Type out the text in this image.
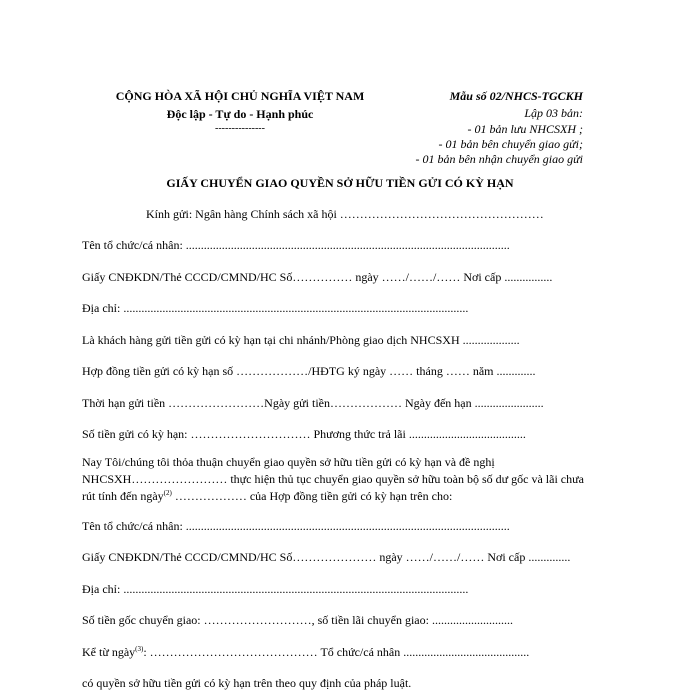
CỘNG HÒA XÃ HỘI CHỦ NGHĨA VIỆT NAM
Độc lập - Tự do - Hạnh phúc
---------------
Mẫu số 02/NHCS-TGCKH
Lập 03 bản:
- 01 bản lưu NHCSXH ;
- 01 bản bên chuyển giao gửi;
- 01 bản bên nhận chuyển giao gửi
GIẤY CHUYỂN GIAO QUYỀN SỞ HỮU TIỀN GỬI CÓ KỲ HẠN
Kính gửi: Ngân hàng Chính sách xã hội ……………………………………………
Tên tổ chức/cá nhân: ............................................................................................................
Giấy CNĐKDN/Thẻ CCCD/CMND/HC Số…………… ngày ……/……/…… Nơi cấp ................
Địa chỉ: ...................................................................................................................
Là khách hàng gửi tiền gửi có kỳ hạn tại chi nhánh/Phòng giao dịch NHCSXH ...................
Hợp đồng tiền gửi có kỳ hạn số ………………/HĐTG ký ngày …… tháng …… năm .............
Thời hạn gửi tiền ……………………Ngày gửi tiền……………… Ngày đến hạn .......................
Số tiền gửi có kỳ hạn: ………………………… Phương thức trả lãi .......................................
Nay Tôi/chúng tôi thỏa thuận chuyển giao quyền sở hữu tiền gửi có kỳ hạn và đề nghị
NHCSXH…………………… thực hiện thủ tục chuyển giao quyền sở hữu toàn bộ số dư gốc và lãi chưa
rút tính đến ngày$^{(2)}$ ……………… của Hợp đồng tiền gửi có kỳ hạn trên cho:
Tên tổ chức/cá nhân: ............................................................................................................
Giấy CNĐKDN/Thẻ CCCD/CMND/HC Số………………… ngày ……/……/…… Nơi cấp ..............
Địa chỉ: ...................................................................................................................
Số tiền gốc chuyển giao: ………………………, số tiền lãi chuyển giao: ...........................
Kể từ ngày$^{(3)}$: …………………………………… Tổ chức/cá nhân ..........................................
có quyền sở hữu tiền gửi có kỳ hạn trên theo quy định của pháp luật.
